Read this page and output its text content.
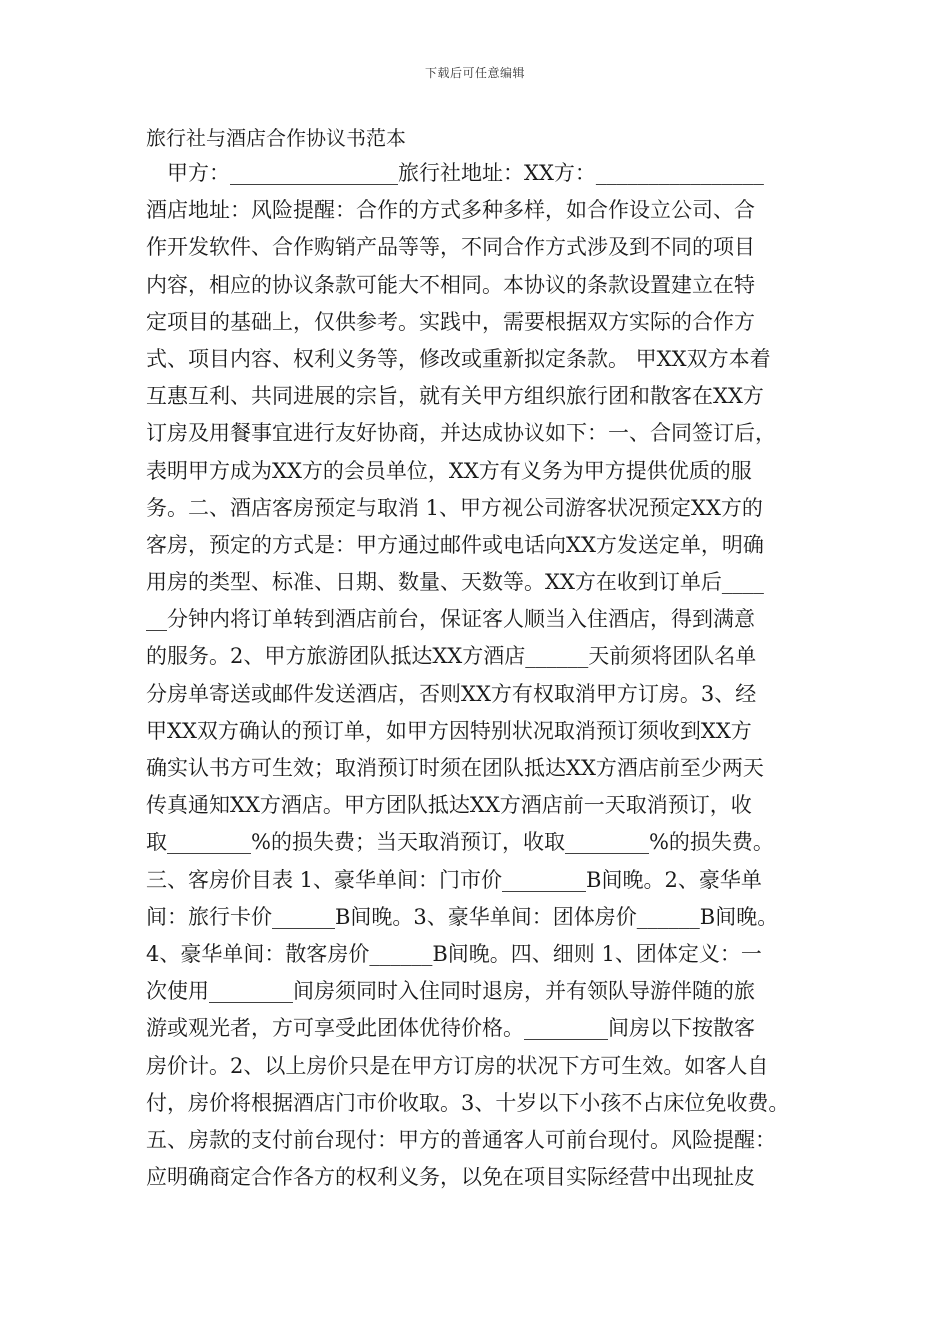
下载后可任意编辑
旅行社与酒店合作协议书范本
甲方：________________旅行社地址：XX方：________________
酒店地址：风险提醒：合作的方式多种多样，如合作设立公司、合
作开发软件、合作购销产品等等，不同合作方式涉及到不同的项目
内容，相应的协议条款可能大不相同。本协议的条款设置建立在特
定项目的基础上，仅供参考。实践中，需要根据双方实际的合作方
式、项目内容、权利义务等，修改或重新拟定条款。 甲XX双方本着
互惠互利、共同进展的宗旨，就有关甲方组织旅行团和散客在XX方
订房及用餐事宜进行友好协商，并达成协议如下：一、合同签订后，
表明甲方成为XX方的会员单位，XX方有义务为甲方提供优质的服
务。二、酒店客房预定与取消 1、甲方视公司游客状况预定XX方的
客房，预定的方式是：甲方通过邮件或电话向XX方发送定单，明确
用房的类型、标准、日期、数量、天数等。XX方在收到订单后____
__分钟内将订单转到酒店前台，保证客人顺当入住酒店，得到满意
的服务。2、甲方旅游团队抵达XX方酒店______天前须将团队名单
分房单寄送或邮件发送酒店，否则XX方有权取消甲方订房。3、经
甲XX双方确认的预订单，如甲方因特别状况取消预订须收到XX方
确实认书方可生效；取消预订时须在团队抵达XX方酒店前至少两天
传真通知XX方酒店。甲方团队抵达XX方酒店前一天取消预订，收
取________%的损失费；当天取消预订，收取________%的损失费。
三、客房价目表 1、豪华单间：门市价________B间晚。2、豪华单
间：旅行卡价______B间晚。3、豪华单间：团体房价______B间晚。
4、豪华单间：散客房价______B间晚。四、细则 1、团体定义：一
次使用________间房须同时入住同时退房，并有领队导游伴随的旅
游或观光者，方可享受此团体优待价格。________间房以下按散客
房价计。2、以上房价只是在甲方订房的状况下方可生效。如客人自
付，房价将根据酒店门市价收取。3、十岁以下小孩不占床位免收费。
五、房款的支付前台现付：甲方的普通客人可前台现付。风险提醒：
应明确商定合作各方的权利义务，以免在项目实际经营中出现扯皮
